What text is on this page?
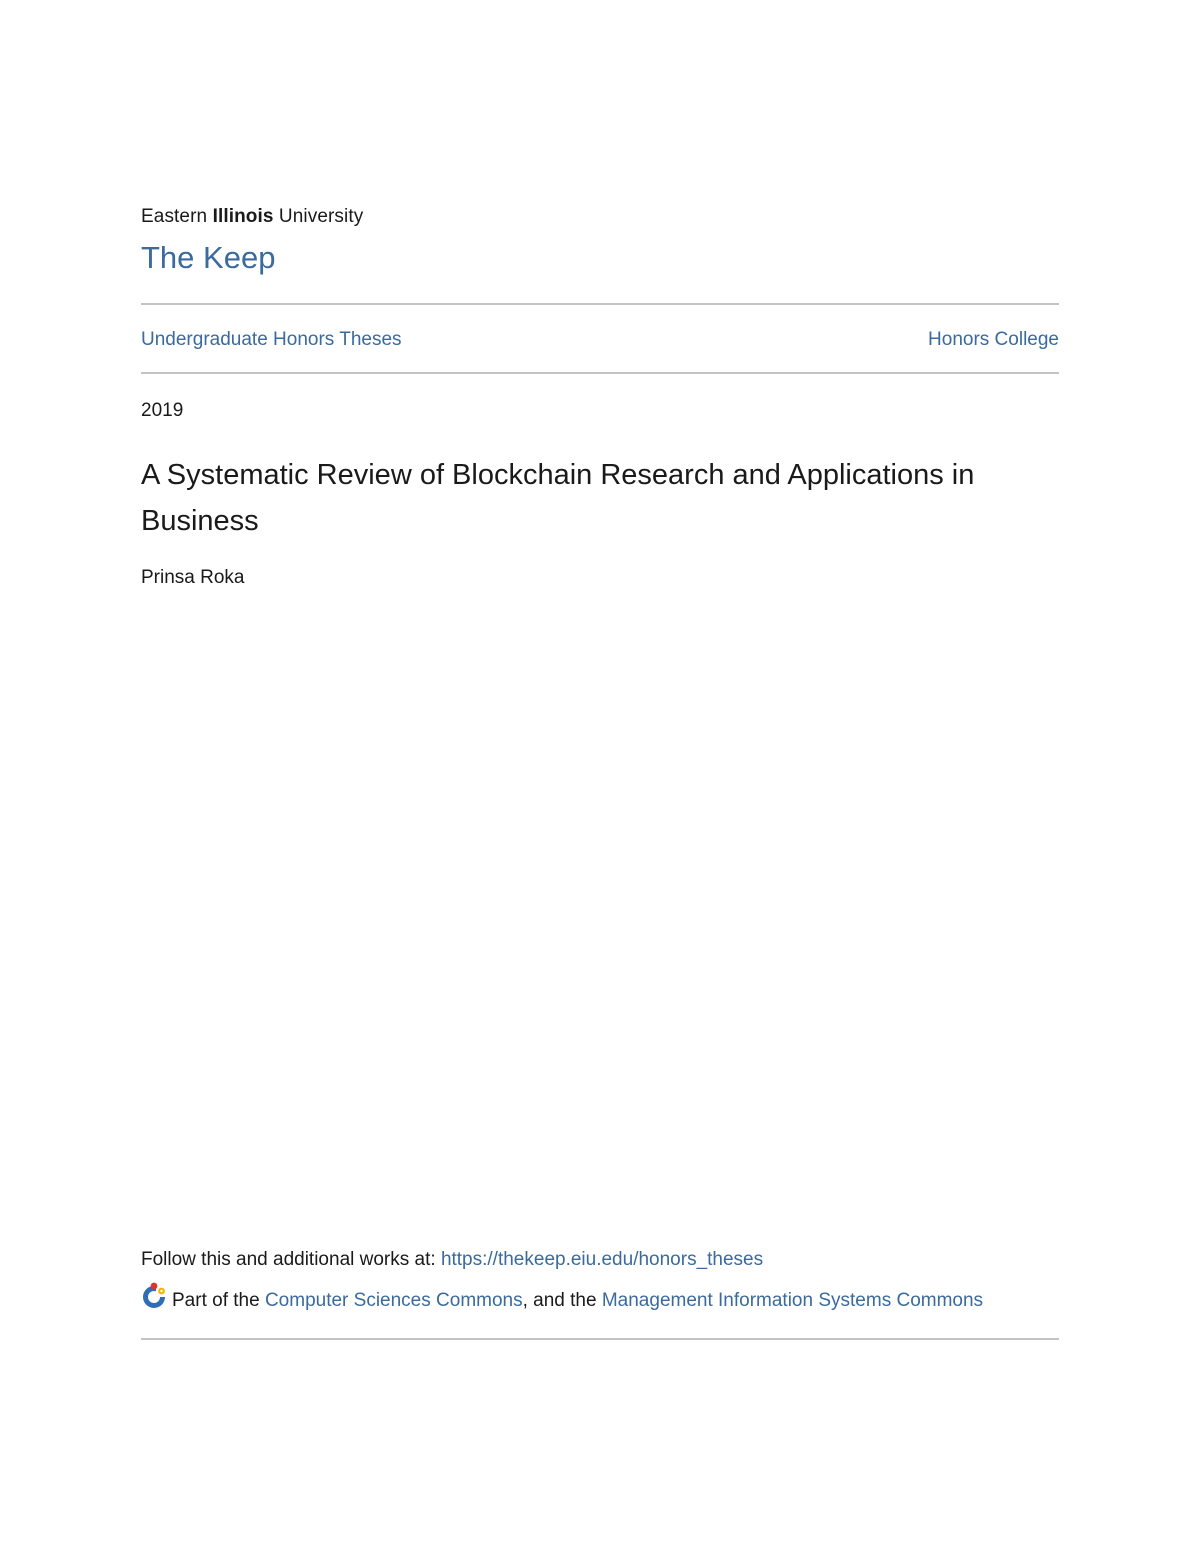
Eastern Illinois University
The Keep
Undergraduate Honors Theses	Honors College
2019
A Systematic Review of Blockchain Research and Applications in Business
Prinsa Roka
Follow this and additional works at: https://thekeep.eiu.edu/honors_theses
Part of the Computer Sciences Commons, and the Management Information Systems Commons
